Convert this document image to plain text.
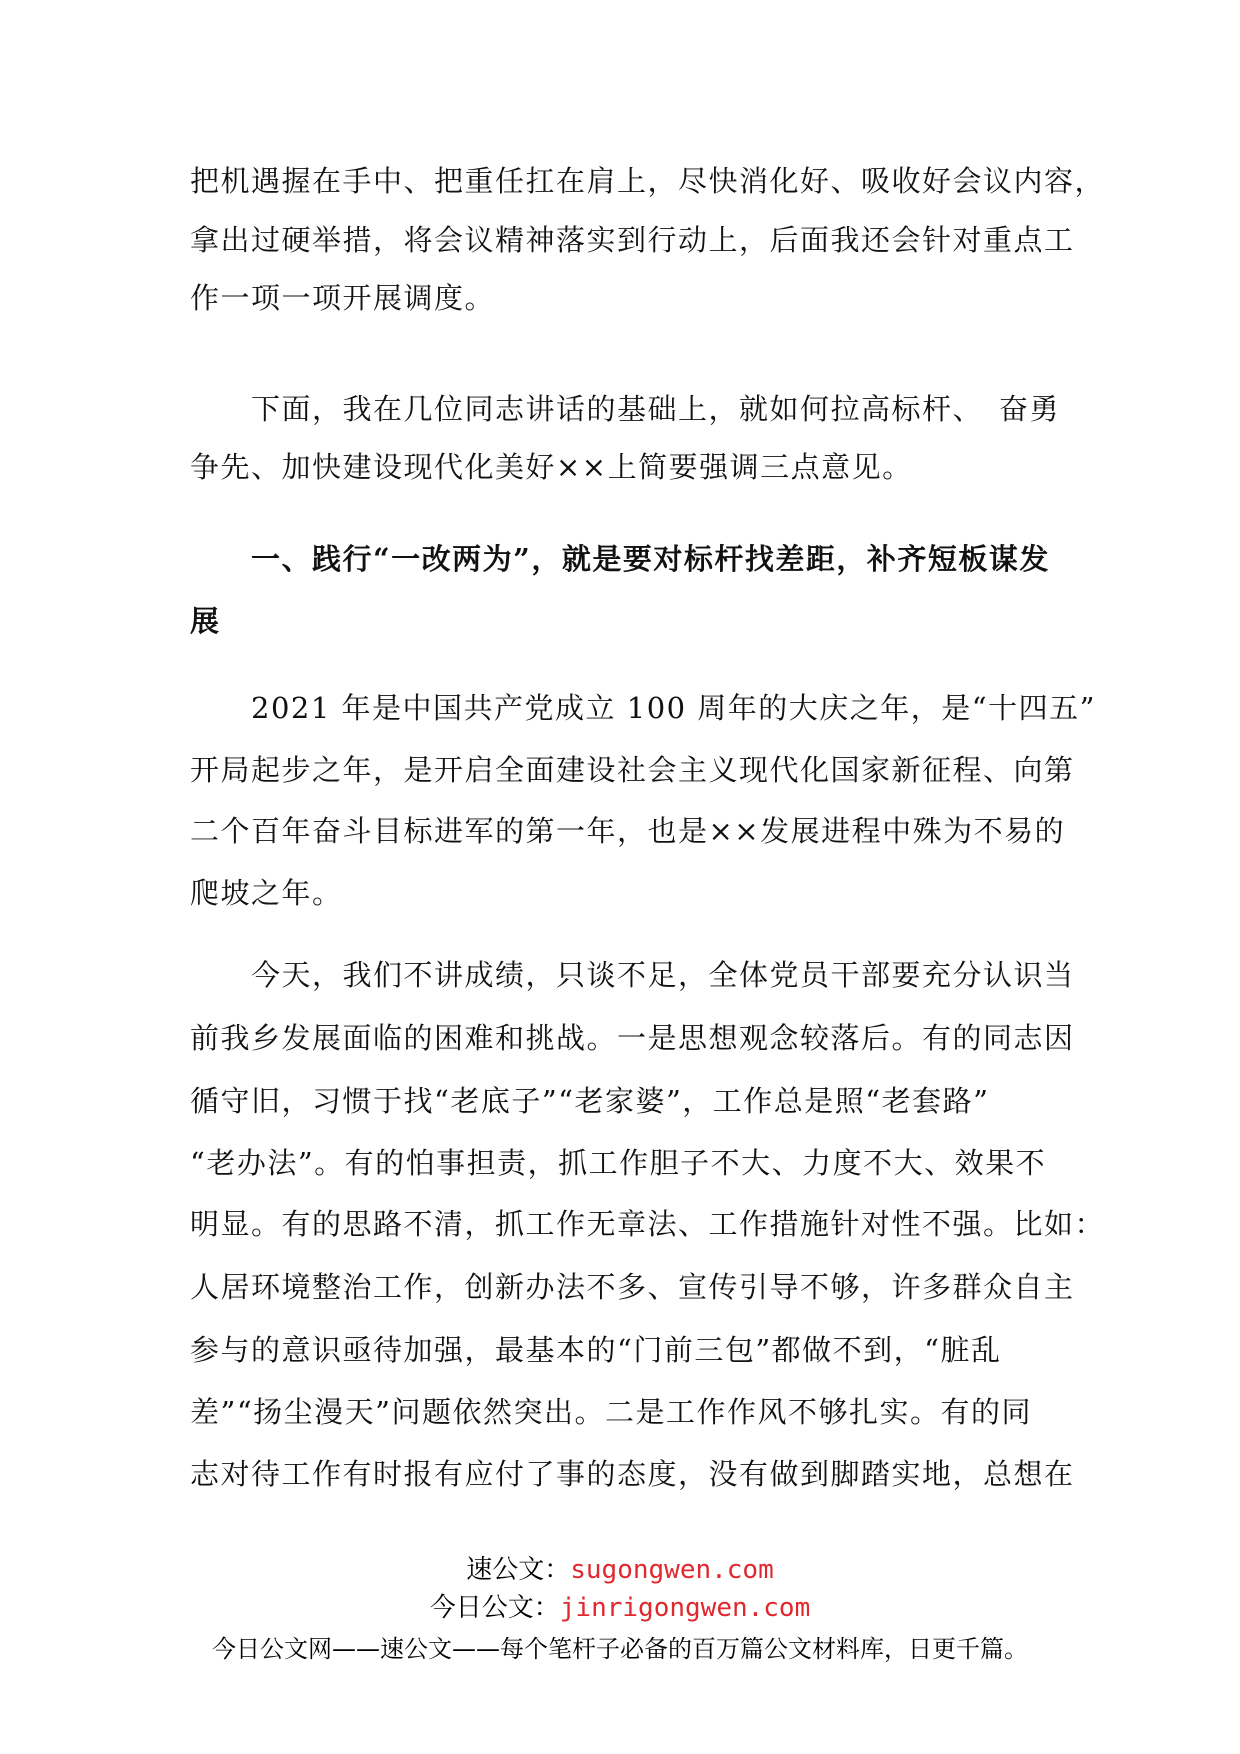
把机遇握在手中、把重任扛在肩上，尽快消化好、吸收好会议内容，
拿出过硬举措，将会议精神落实到行动上，后面我还会针对重点工
作一项一项开展调度。
　　下面，我在几位同志讲话的基础上，就如何拉高标杆、　奋勇
争先、加快建设现代化美好××上简要强调三点意见。
　　一、践行“一改两为”，就是要对标杆找差距，补齐短板谋发
展
　　2021 年是中国共产党成立 100 周年的大庆之年，是“十四五”
开局起步之年，是开启全面建设社会主义现代化国家新征程、向第
二个百年奋斗目标进军的第一年，也是××发展进程中殊为不易的
爬坡之年。
　　今天，我们不讲成绩，只谈不足，全体党员干部要充分认识当
前我乡发展面临的困难和挑战。一是思想观念较落后。有的同志因
循守旧，习惯于找“老底子”“老家婆”，工作总是照“老套路”
“老办法”。有的怕事担责，抓工作胆子不大、力度不大、效果不
明显。有的思路不清，抓工作无章法、工作措施针对性不强。比如：
人居环境整治工作，创新办法不多、宣传引导不够，许多群众自主
参与的意识亟待加强，最基本的“门前三包”都做不到，“脏乱
差”“扬尘漫天”问题依然突出。二是工作作风不够扎实。有的同
志对待工作有时报有应付了事的态度，没有做到脚踏实地，总想在
速公文：sugongwen.com
今日公文：jinrigongwen.com
今日公文网——速公文——每个笔杆子必备的百万篇公文材料库，日更千篇。
